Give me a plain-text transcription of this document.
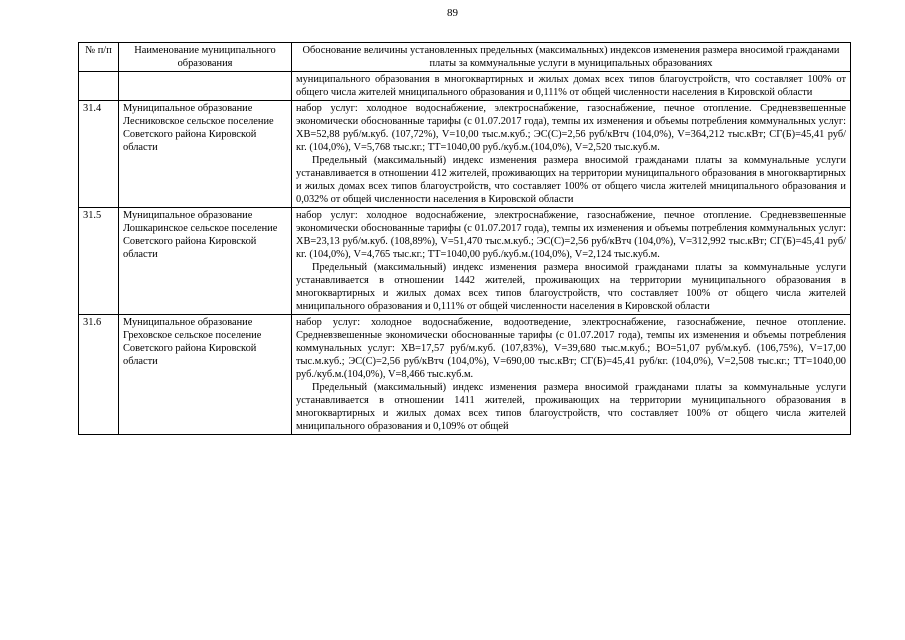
89
№ п/п	Наименование муниципального образования	Обоснование величины установленных предельных (максимальных) индексов изменения размера вносимой гражданами платы за коммунальные услуги в муниципальных образованиях
		муниципального образования в многоквартирных и жилых домах всех типов благоустройств, что составляет 100% от общего числа жителей мниципального образования и 0,111% от общей численности населения в Кировской области
31.4	Муниципальное образование Лесниковское сельское поселение Советского района Кировской области	набор услуг: холодное водоснабжение, электроснабжение, газоснабжение, печное отопление. Средневзвешенные экономически обоснованные тарифы (с 01.07.2017 года), темпы их изменения и объемы потребления коммунальных услуг: ХВ=52,88 руб/м.куб. (107,72%), V=10,00 тыс.м.куб.; ЭС(С)=2,56 руб/кВтч (104,0%), V=364,212 тыс.кВт; СГ(Б)=45,41 руб/кг. (104,0%), V=5,768 тыс.кг.; ТТ=1040,00 руб./куб.м.(104,0%), V=2,520 тыс.куб.м.

Предельный (максимальный) индекс изменения размера вносимой гражданами платы за коммунальные услуги устанавливается в отношении 412 жителей, проживающих на территории муниципального образования в многоквартирных и жилых домах всех типов благоустройств, что составляет 100% от общего числа жителей мниципального образования и 0,032% от общей численности населения в Кировской области

31.5	Муниципальное образование Лошкаринское сельское поселение Советского района Кировской области	набор услуг: холодное водоснабжение, электроснабжение, газоснабжение, печное отопление. Средневзвешенные экономически обоснованные тарифы (с 01.07.2017 года), темпы их изменения и объемы потребления коммунальных услуг: ХВ=23,13 руб/м.куб. (108,89%), V=51,470 тыс.м.куб.; ЭС(С)=2,56 руб/кВтч (104,0%), V=312,992 тыс.кВт; СГ(Б)=45,41 руб/кг. (104,0%), V=4,765 тыс.кг.; ТТ=1040,00 руб./куб.м.(104,0%), V=2,124 тыс.куб.м.

Предельный (максимальный) индекс изменения размера вносимой гражданами платы за коммунальные услуги устанавливается в отношении 1442 жителей, проживающих на территории муниципального образования в многоквартирных и жилых домах всех типов благоустройств, что составляет 100% от общего числа жителей мниципального образования и 0,111% от общей численности населения в Кировской области

31.6	Муниципальное образование Греховское сельское поселение Советского района Кировской области	набор услуг: холодное водоснабжение, водоотведение, электроснабжение, газоснабжение, печное отопление. Средневзвешенные экономически обоснованные тарифы (с 01.07.2017 года), темпы их изменения и объемы потребления коммунальных услуг: ХВ=17,57 руб/м.куб. (107,83%), V=39,680 тыс.м.куб.; ВО=51,07 руб/м.куб. (106,75%), V=17,00 тыс.м.куб.; ЭС(С)=2,56 руб/кВтч (104,0%), V=690,00 тыс.кВт; СГ(Б)=45,41 руб/кг. (104,0%), V=2,508 тыс.кг.; ТТ=1040,00 руб./куб.м.(104,0%), V=8,466 тыс.куб.м.

Предельный (максимальный) индекс изменения размера вносимой гражданами платы за коммунальные услуги устанавливается в отношении 1411 жителей, проживающих на территории муниципального образования в многоквартирных и жилых домах всех типов благоустройств, что составляет 100% от общего числа жителей мниципального образования и 0,109% от общей
